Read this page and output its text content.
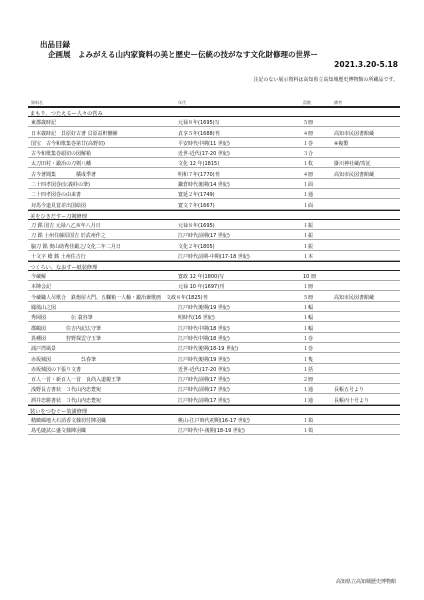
出品目録
企画展　よみがえる山内家資料の美と歴史ー伝統の技がなす文化財修理の世界ー
2021.3.20-5.18
注記のない展示資料は高知県立高知城歴史博物館の所蔵品です。
資料名	年代	員数	備考
まもり、つたえるー人々の営み
東郡歳時記	元禄８年(1695)写	５冊
日本歳時記　貝原好古著 貝原益軒刪補	貞享５年(1688)刊	４冊	高知市民図書館蔵
国宝　古今和歌集巻第廿(高野切)	平安時代中期(11 世紀)	１巻	※複製
古今和歌集巻頭切の図解箱	近世-近代(17-20 世紀)	３合
太刀田村・鍛冶の刀剣八幡	文化 12 年(1815)	１枚	掛川神社蔵/寄託
古今著聞集　　　　橘成季著	明和７年(1770)刊	４冊	高知市民図書館蔵
二十四孝図巻(伝義経の筆)	鎌倉時代後期(14 世紀)	１面
二十四孝図巻の由来書	寛延２年(1749)	１通
対馬今道見覚差出国絵図	寛文７年(1667)	１面
美をひきだすー刀剣修理
刀 銘 国吉 元禄八乙亥年八月日	元禄８年(1695)	１振
刀 銘 土州住藤原国吉 於武州作之	江戸時代前期(17 世紀)	１振
脇刀 銘 奥山助秀佳鍛之/文化二年二月日	文化２年(1805)	１振
十文字 槍 銘 土州住吉行	江戸時代前期-中期(17-18 世紀)	１本
つくろい、なおすー紙装修理
今蔵解	寛政 12 年(1800)写	10 冊
本陣会記	元禄 10 年(1697)刊	１冊
今蔵職人尽歌合　鉄炮屋大門、五欄箱一人軸・鍛冶兼歌画　文政８年(1825)刊	５冊	高知市民図書館蔵
鳳凰山之図	江戸時代後期(19 世紀)	１幅
秀岡図　　　　　伝 蓑谷筆	明時代(16 世紀)	１幅
郡鶴図　　　　住吉内記広守筆	江戸時代中期(18 世紀)	１幅
異種図　　　　狩野探雲守玉筆	江戸時代中期(18 世紀)	１巻
浦戸湾風景	江戸時代後期(18-19 世紀)	１巻
赤坂城図　　　　　　呉春筆	江戸時代後期(19 世紀)	１隻
赤坂城図の下張り文書	近世-近代(17-20 世紀)	１括
百人一首・新百人一首　良尚入道親王筆	江戸時代前期(17 世紀)	２冊
浅野長吉書状　３代山内忠豊宛	江戸時代前期(17 世紀)	１通	長帳五号より
酒井忠勝書状　３代山内忠豊宛	江戸時代前期(17 世紀)	１通	長帳丙十号より
装いをつむぐー装潢修理
精緻綿地大石消香文様切付陣羽織	桃山-江戸時代初期(16-17 世紀)	１領
鳥毛縫試に盛文様陣羽織	江戸時代中-後期(18-19 世紀)	１領
高知県立高知城歴史博物館
